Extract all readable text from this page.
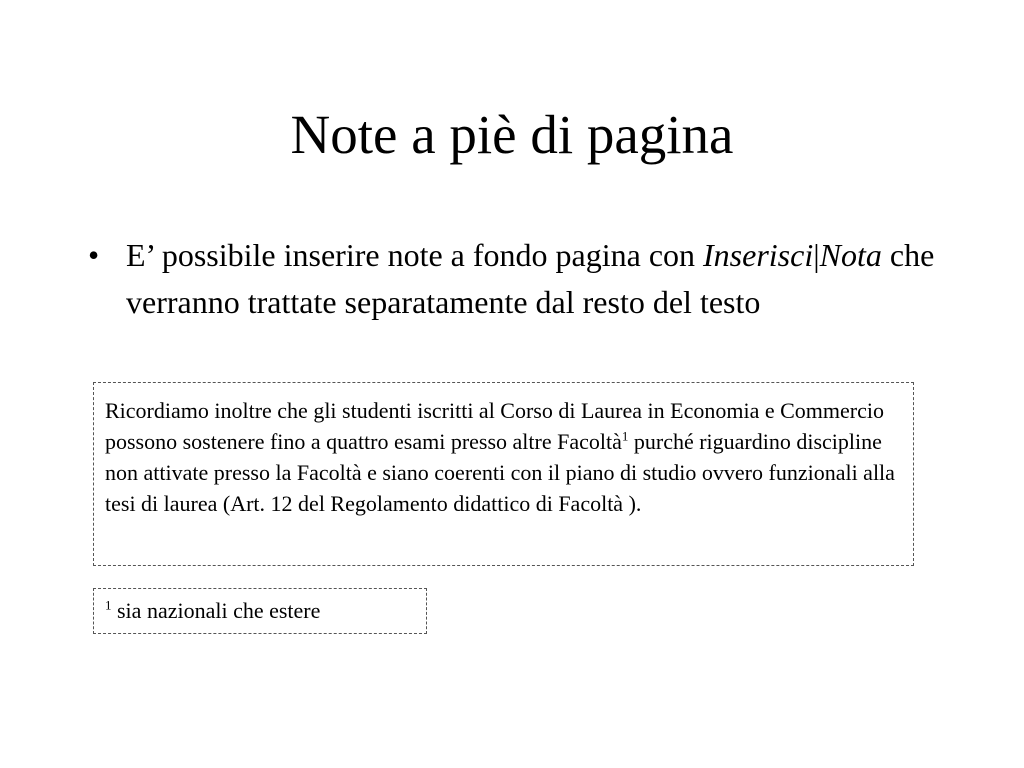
Note a piè di pagina
• E’ possibile inserire note a fondo pagina con Inserisci|Nota che verranno trattate separatamente dal resto del testo

Ricordiamo inoltre che gli studenti iscritti al Corso di Laurea in Economia e Commercio possono sostenere fino a quattro esami presso altre Facoltà$^1$ purché riguardino discipline non attivate presso la Facoltà e siano coerenti con il piano di studio ovvero funzionali alla tesi di laurea (Art. 12 del Regolamento didattico di Facoltà ).

$^1$ sia nazionali che estere
